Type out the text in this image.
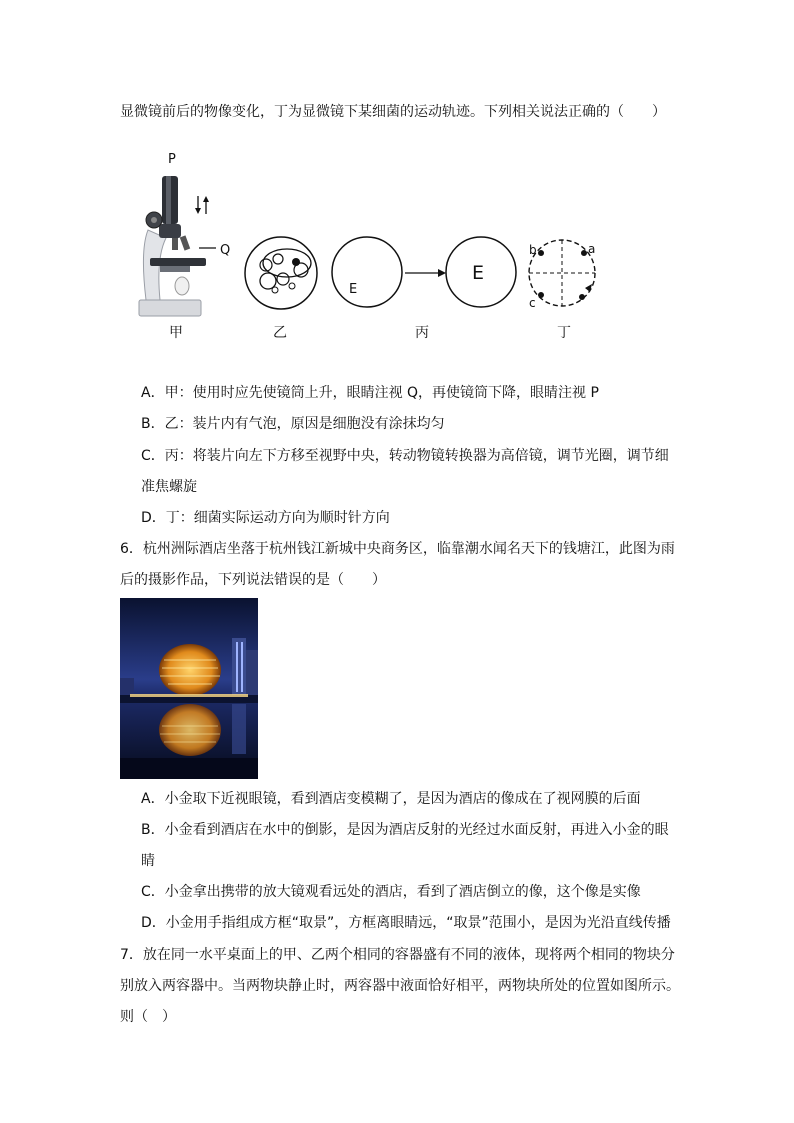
显微镜前后的物像变化，丁为显微镜下某细菌的运动轨迹。下列相关说法正确的（　　）
P
Q
甲	乙
E
E
丙
a
b
c
丁
A．甲：使用时应先使镜筒上升，眼睛注视 Q，再使镜筒下降，眼睛注视 P
B．乙：装片内有气泡，原因是细胞没有涂抹均匀
C．丙：将装片向左下方移至视野中央，转动物镜转换器为高倍镜，调节光圈，调节细
准焦螺旋
D．丁：细菌实际运动方向为顺时针方向
6．杭州洲际酒店坐落于杭州钱江新城中央商务区，临靠潮水闻名天下的钱塘江，此图为雨
后的摄影作品，下列说法错误的是（　　）
A．小金取下近视眼镜，看到酒店变模糊了，是因为酒店的像成在了视网膜的后面
B．小金看到酒店在水中的倒影，是因为酒店反射的光经过水面反射，再进入小金的眼
睛
C．小金拿出携带的放大镜观看远处的酒店，看到了酒店倒立的像，这个像是实像
D．小金用手指组成方框“取景”，方框离眼睛远，“取景”范围小，是因为光沿直线传播
7．放在同一水平桌面上的甲、乙两个相同的容器盛有不同的液体，现将两个相同的物块分
别放入两容器中。当两物块静止时，两容器中液面恰好相平，两物块所处的位置如图所示。
则（　）
